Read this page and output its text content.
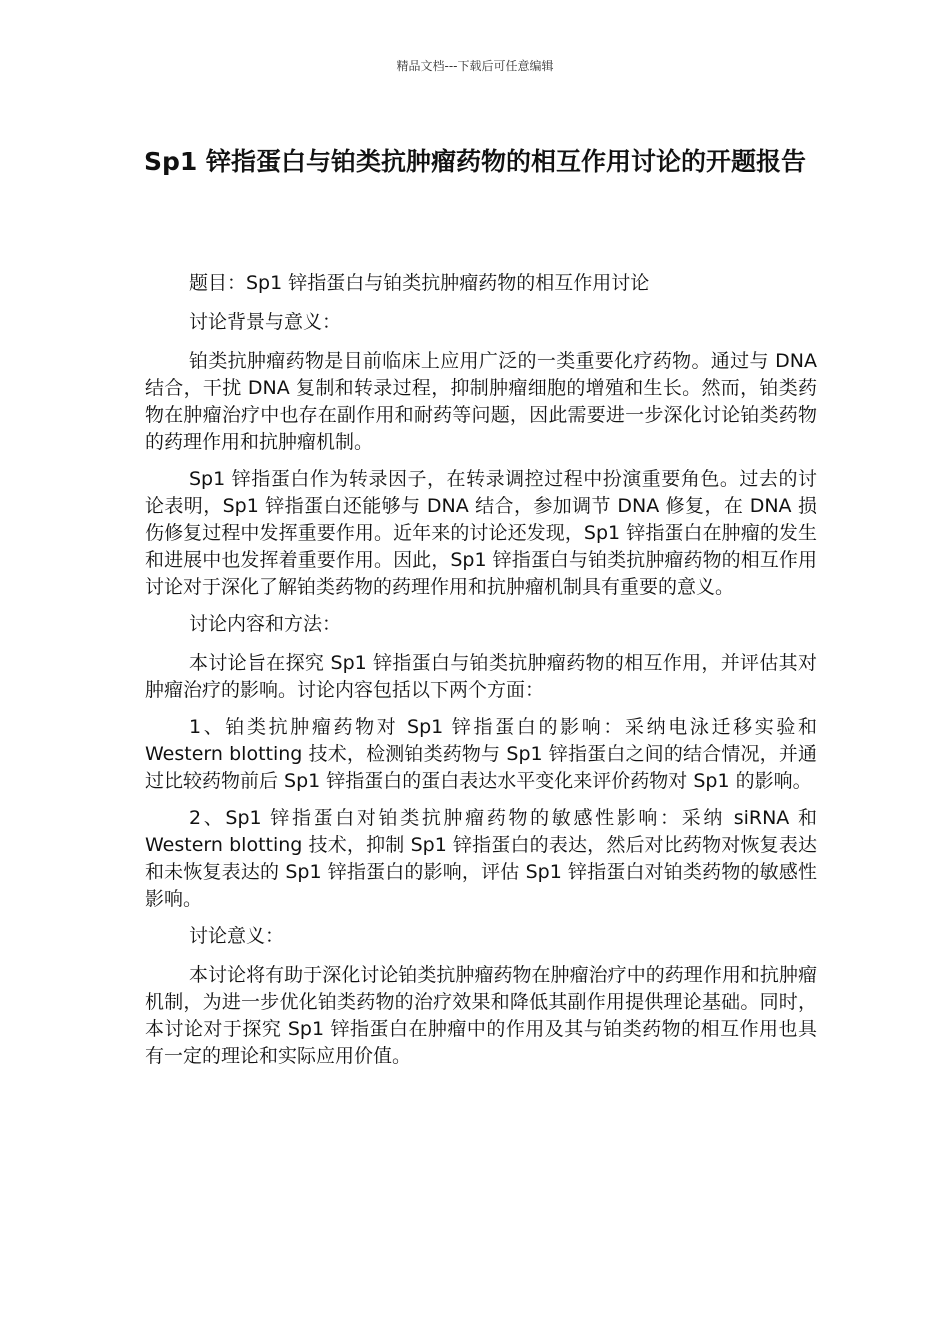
精品文档---下载后可任意编辑
Sp1 锌指蛋白与铂类抗肿瘤药物的相互作用讨论的开题报告

题目：Sp1 锌指蛋白与铂类抗肿瘤药物的相互作用讨论

讨论背景与意义：

铂类抗肿瘤药物是目前临床上应用广泛的一类重要化疗药物。通过与 DNA 结合，干扰 DNA 复制和转录过程，抑制肿瘤细胞的增殖和生长。然而，铂类药物在肿瘤治疗中也存在副作用和耐药等问题，因此需要进一步深化讨论铂类药物的药理作用和抗肿瘤机制。

Sp1 锌指蛋白作为转录因子，在转录调控过程中扮演重要角色。过去的讨论表明，Sp1 锌指蛋白还能够与 DNA 结合，参加调节 DNA 修复，在 DNA 损伤修复过程中发挥重要作用。近年来的讨论还发现，Sp1 锌指蛋白在肿瘤的发生和进展中也发挥着重要作用。因此，Sp1 锌指蛋白与铂类抗肿瘤药物的相互作用讨论对于深化了解铂类药物的药理作用和抗肿瘤机制具有重要的意义。

讨论内容和方法：

本讨论旨在探究 Sp1 锌指蛋白与铂类抗肿瘤药物的相互作用，并评估其对肿瘤治疗的影响。讨论内容包括以下两个方面：

1、铂类抗肿瘤药物对 Sp1 锌指蛋白的影响：采纳电泳迁移实验和 Western blotting 技术，检测铂类药物与 Sp1 锌指蛋白之间的结合情况，并通过比较药物前后 Sp1 锌指蛋白的蛋白表达水平变化来评价药物对 Sp1 的影响。

2、Sp1 锌指蛋白对铂类抗肿瘤药物的敏感性影响：采纳 siRNA 和 Western blotting 技术，抑制 Sp1 锌指蛋白的表达，然后对比药物对恢复表达和未恢复表达的 Sp1 锌指蛋白的影响，评估 Sp1 锌指蛋白对铂类药物的敏感性影响。

讨论意义：

本讨论将有助于深化讨论铂类抗肿瘤药物在肿瘤治疗中的药理作用和抗肿瘤机制，为进一步优化铂类药物的治疗效果和降低其副作用提供理论基础。同时，本讨论对于探究 Sp1 锌指蛋白在肿瘤中的作用及其与铂类药物的相互作用也具有一定的理论和实际应用价值。
